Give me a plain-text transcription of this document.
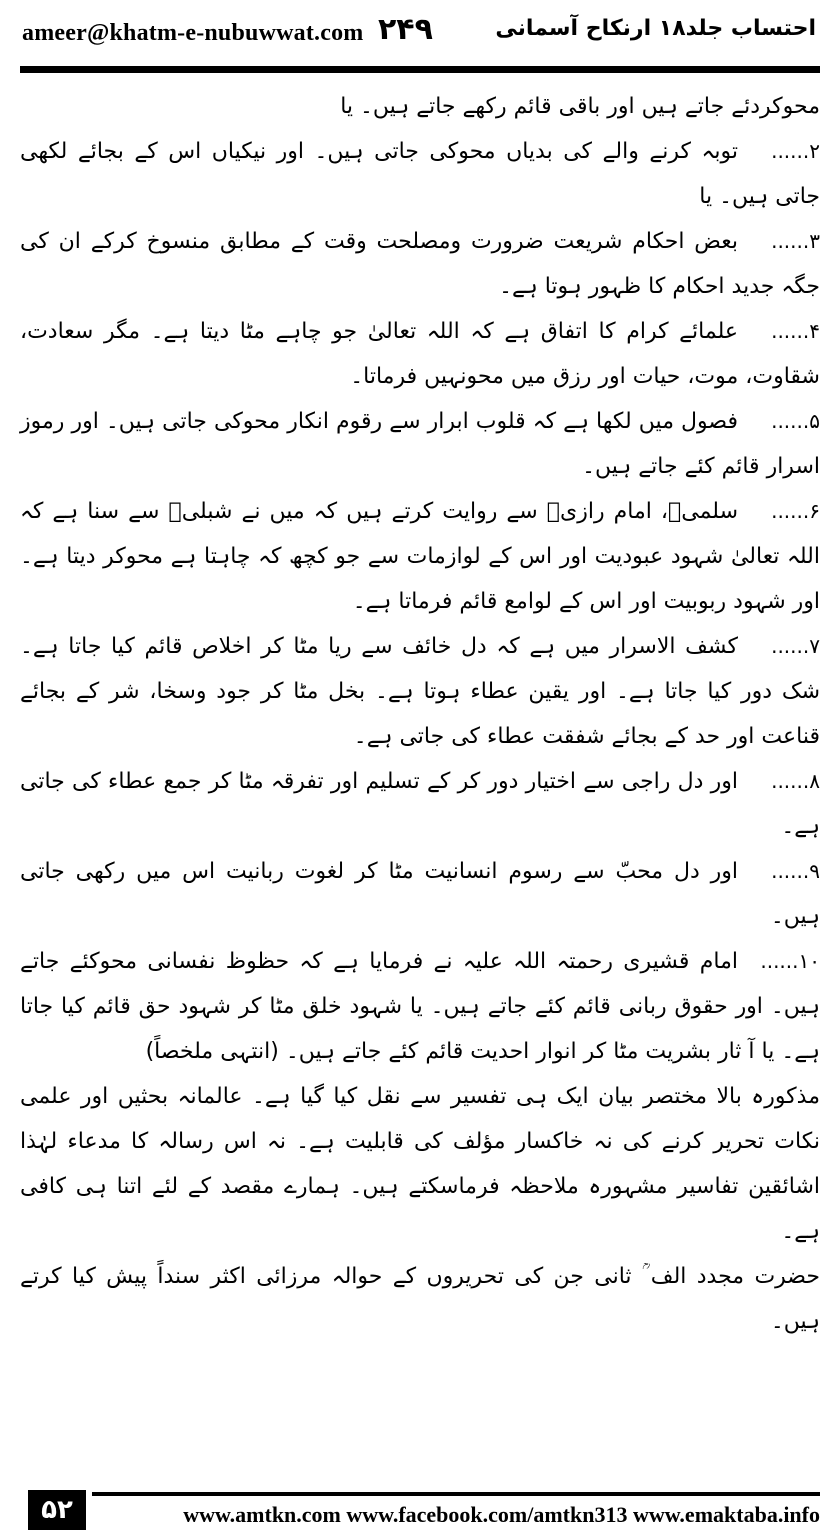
ameer@khatm-e-nubuwwat.com ۲۴۹	احتساب جلد۱۸ ارنکاح آسمانی

محوکردئے جاتے ہیں اور باقی قائم رکھے جاتے ہیں۔ یا

۲......توبہ کرنے والے کی بدیاں محوکی جاتی ہیں۔ اور نیکیاں اس کے بجائے لکھی جاتی ہیں۔ یا

۳......بعض احکام شریعت ضرورت ومصلحت وقت کے مطابق منسوخ کرکے ان کی جگہ جدید احکام کا ظہور ہوتا ہے۔

۴......علمائے کرام کا اتفاق ہے کہ اللہ تعالیٰ جو چاہے مٹا دیتا ہے۔ مگر سعادت، شقاوت، موت، حیات اور رزق میں محونہیں فرماتا۔

۵......فصول میں لکھا ہے کہ قلوب ابرار سے رقوم انکار محوکی جاتی ہیں۔ اور رموز اسرار قائم کئے جاتے ہیں۔

۶......سلمیؒ، امام رازیؒ سے روایت کرتے ہیں کہ میں نے شبلیؒ سے سنا ہے کہ اللہ تعالیٰ شہود عبودیت اور اس کے لوازمات سے جو کچھ کہ چاہتا ہے محوکر دیتا ہے۔ اور شہود ربوبیت اور اس کے لوامع قائم فرماتا ہے۔

۷......کشف الاسرار میں ہے کہ دل خائف سے ریا مٹا کر اخلاص قائم کیا جاتا ہے۔ شک دور کیا جاتا ہے۔ اور یقین عطاء ہوتا ہے۔ بخل مٹا کر جود وسخا، شر کے بجائے قناعت اور حد کے بجائے شفقت عطاء کی جاتی ہے۔

۸......اور دل راجی سے اختیار دور کر کے تسلیم اور تفرقہ مٹا کر جمع عطاء کی جاتی ہے۔

۹......اور دل محبّ سے رسوم انسانیت مٹا کر لغوت ربانیت اس میں رکھی جاتی ہیں۔

۱۰......امام قشیری رحمتہ اللہ علیہ نے فرمایا ہے کہ حظوظ نفسانی محوکئے جاتے ہیں۔ اور حقوق ربانی قائم کئے جاتے ہیں۔ یا شہود خلق مٹا کر شہود حق قائم کیا جاتا ہے۔ یا آ ثار بشریت مٹا کر انوار احدیت قائم کئے جاتے ہیں۔ (انتہی ملخصاً)

مذکورہ بالا مختصر بیان ایک ہی تفسیر سے نقل کیا گیا ہے۔ عالمانہ بحثیں اور علمی نکات تحریر کرنے کی نہ خاکسار مؤلف کی قابلیت ہے۔ نہ اس رسالہ کا مدعاء لہٰذا اشائقین تفاسیر مشہورہ ملاحظہ فرماسکتے ہیں۔ ہمارے مقصد کے لئے اتنا ہی کافی ہے۔

حضرت مجدد الف ؒ ثانی جن کی تحریروں کے حوالہ مرزائی اکثر سنداً پیش کیا کرتے ہیں۔

۵۲	www.amtkn.com www.facebook.com/amtkn313 www.emaktaba.info
